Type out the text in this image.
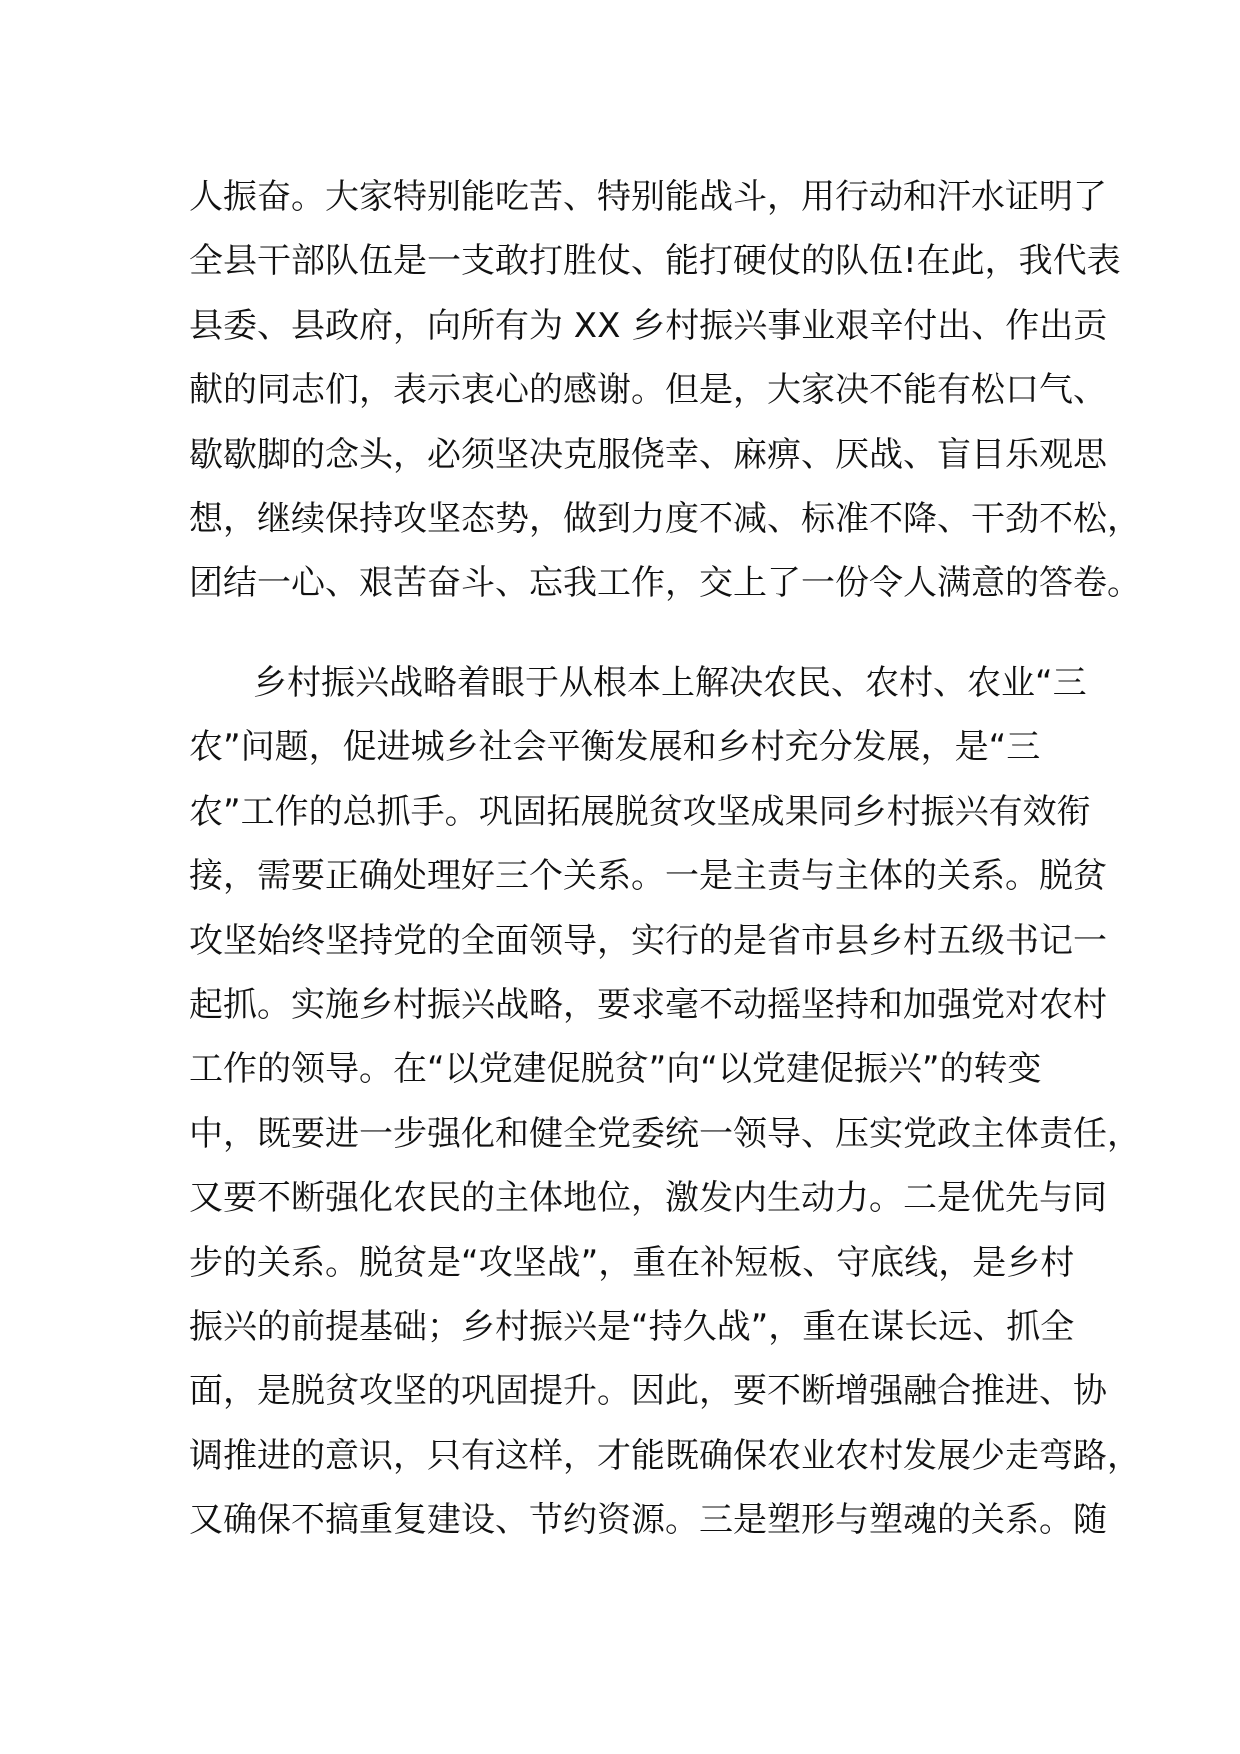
人振奋。大家特别能吃苦、特别能战斗，用行动和汗水证明了
全县干部队伍是一支敢打胜仗、能打硬仗的队伍!在此，我代表
县委、县政府，向所有为 XX 乡村振兴事业艰辛付出、作出贡
献的同志们，表示衷心的感谢。但是，大家决不能有松口气、
歇歇脚的念头，必须坚决克服侥幸、麻痹、厌战、盲目乐观思
想，继续保持攻坚态势，做到力度不减、标准不降、干劲不松，
团结一心、艰苦奋斗、忘我工作，交上了一份令人满意的答卷。
乡村振兴战略着眼于从根本上解决农民、农村、农业“三
农”问题，促进城乡社会平衡发展和乡村充分发展，是“三
农”工作的总抓手。巩固拓展脱贫攻坚成果同乡村振兴有效衔
接，需要正确处理好三个关系。一是主责与主体的关系。脱贫
攻坚始终坚持党的全面领导，实行的是省市县乡村五级书记一
起抓。实施乡村振兴战略，要求毫不动摇坚持和加强党对农村
工作的领导。在“以党建促脱贫”向“以党建促振兴”的转变
中，既要进一步强化和健全党委统一领导、压实党政主体责任，
又要不断强化农民的主体地位，激发内生动力。二是优先与同
步的关系。脱贫是“攻坚战”，重在补短板、守底线，是乡村
振兴的前提基础；乡村振兴是“持久战”，重在谋长远、抓全
面，是脱贫攻坚的巩固提升。因此，要不断增强融合推进、协
调推进的意识，只有这样，才能既确保农业农村发展少走弯路，
又确保不搞重复建设、节约资源。三是塑形与塑魂的关系。随
